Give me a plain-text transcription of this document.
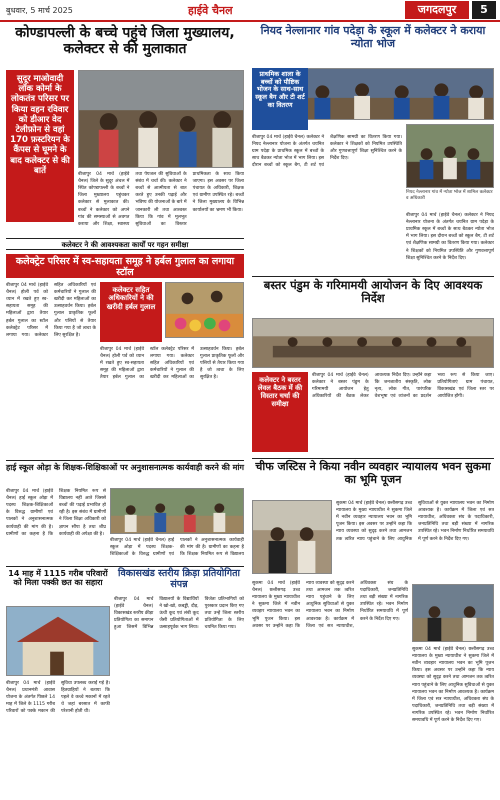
बुधवार, 5 मार्च 2025	हाईवे चैनल	जगदलपुर	5
कोण्डापल्ली के बच्चे पहुंचे जिला मुख्यालय, कलेक्टर से की मुलाकात
सुदूर माओवादी लॉक कोर्मा के लोकतंत्र परिसर पर किया वहन रविवार को डीआर वेद टेलीफ़ोन से वहां 170 फ़स्टरियन के कैंपस से घूमने के बाद कलेक्टर से की बातें	बीजापुर 04 मार्च (हाईवे चैनल) जिले के सुदूर अंचल में स्थित कोण्डापल्ली के बच्चों ने जिला मुख्यालय पहुंचकर कलेक्टर से मुलाकात की। बच्चों ने कलेक्टर को अपने गांव की समस्याओं से अवगत कराया और शिक्षा, स्वास्थ्य तथा पेयजल की सुविधाओं के संबंध में चर्चा की। कलेक्टर ने बच्चों से आत्मीयता से बात करते हुए उनकी पढ़ाई और भविष्य की योजनाओं के बारे में जानकारी ली तथा आश्वस्त किया कि गांव में मूलभूत सुविधाओं का विस्तार प्राथमिकता के साथ किया जाएगा। इस अवसर पर जिला पंचायत के अधिकारी, शिक्षक एवं ग्रामीण उपस्थित रहे। बच्चों ने जिला मुख्यालय के विभिन्न कार्यालयों का भ्रमण भी किया।
कलेक्टर ने की आवश्यकता कार्यों पर गहन समीक्षा
कलेक्ट्रेट परिसर में स्व-सहायता समूह ने हर्बल गुलाल का लगाया स्टॉल
कलेक्टर सहित अधिकारियों ने की खरीदी हर्बल गुलाल
बीजापुर 04 मार्च (हाईवे चैनल) होली पर्व को ध्यान में रखते हुए स्व-सहायता समूह की महिलाओं द्वारा तैयार हर्बल गुलाल का स्टॉल कलेक्ट्रेट परिसर में लगाया गया। कलेक्टर सहित अधिकारियों एवं कर्मचारियों ने गुलाल की खरीदी कर महिलाओं का उत्साहवर्धन किया। हर्बल गुलाल प्राकृतिक फूलों और पत्तियों से तैयार किया गया है जो त्वचा के लिए सुरक्षित है।
बीजापुर 04 मार्च (हाईवे चैनल) होली पर्व को ध्यान में रखते हुए स्व-सहायता समूह की महिलाओं द्वारा तैयार हर्बल गुलाल का स्टॉल कलेक्ट्रेट परिसर में लगाया गया। कलेक्टर सहित अधिकारियों एवं कर्मचारियों ने गुलाल की खरीदी कर महिलाओं का उत्साहवर्धन किया। हर्बल गुलाल प्राकृतिक फूलों और पत्तियों से तैयार किया गया है जो त्वचा के लिए सुरक्षित है।
नियद नेल्लानार गांव पदेड़ा के स्कूल में कलेक्टर ने कराया न्योता भोज
प्राथमिक शाला के बच्चों को पौष्टिक भोजन के साथ-साथ स्कूल बैग और टी शर्ट का वितरण
बीजापुर 04 मार्च (हाईवे चैनल) कलेक्टर ने नियद नेल्लानार योजना के अंतर्गत चयनित ग्राम पदेड़ा के प्राथमिक स्कूल में बच्चों के साथ बैठकर न्योता भोज में भाग लिया। इस दौरान बच्चों को स्कूल बैग, टी शर्ट एवं शैक्षणिक सामग्री का वितरण किया गया। कलेक्टर ने शिक्षकों को नियमित उपस्थिति और गुणवत्तापूर्ण शिक्षा सुनिश्चित करने के निर्देश दिए।
नियद नेल्लानार गांव में न्योता भोज में शामिल कलेक्टर व अधिकारी
बीजापुर 04 मार्च (हाईवे चैनल) कलेक्टर ने नियद नेल्लानार योजना के अंतर्गत चयनित ग्राम पदेड़ा के प्राथमिक स्कूल में बच्चों के साथ बैठकर न्योता भोज में भाग लिया। इस दौरान बच्चों को स्कूल बैग, टी शर्ट एवं शैक्षणिक सामग्री का वितरण किया गया। कलेक्टर ने शिक्षकों को नियमित उपस्थिति और गुणवत्तापूर्ण शिक्षा सुनिश्चित करने के निर्देश दिए।
बस्तर पंडुम के गरिमामयी आयोजन के दिए आवश्यक निर्देश
कलेक्टर ने बस्तर लेवल बैठक में की विस्तार चर्चा की समीक्षा
बीजापुर 04 मार्च (हाईवे चैनल) कलेक्टर ने बस्तर पंडुम के गरिमामयी आयोजन हेतु अधिकारियों की बैठक लेकर आवश्यक निर्देश दिए। उन्होंने कहा कि जनजातीय संस्कृति, लोक नृत्य, लोक गीत, पारंपरिक वेशभूषा एवं व्यंजनों का प्रदर्शन भव्य रूप से किया जाए। प्रतियोगिताएं ग्राम पंचायत, विकासखंड एवं जिला स्तर पर आयोजित होंगी।
हाई स्कूल ओड़ा के शिक्षक-शिक्षिकाओं पर अनुशासनात्मक कार्यवाही करने की मांग
बीजापुर 04 मार्च (हाईवे चैनल) हाई स्कूल ओड़ा में पदस्थ शिक्षक-शिक्षिकाओं के विरुद्ध ग्रामीणों एवं पालकों ने अनुशासनात्मक कार्यवाही की मांग की है। ग्रामीणों का कहना है कि शिक्षक नियमित रूप से विद्यालय नहीं आते जिससे बच्चों की पढ़ाई प्रभावित हो रही है। इस संबंध में ग्रामीणों ने जिला शिक्षा अधिकारी को ज्ञापन सौंपा है तथा शीघ्र कार्यवाही की अपेक्षा की है।
बीजापुर 04 मार्च (हाईवे चैनल) हाई स्कूल ओड़ा में पदस्थ शिक्षक-शिक्षिकाओं के विरुद्ध ग्रामीणों एवं पालकों ने अनुशासनात्मक कार्यवाही की मांग की है। ग्रामीणों का कहना है कि शिक्षक नियमित रूप से विद्यालय
चीफ जस्टिस ने किया नवीन व्यवहार न्यायालय भवन सुकमा का भूमि पूजन
सुकमा 04 मार्च (हाईवे चैनल) छत्तीसगढ़ उच्च न्यायालय के मुख्य न्यायाधीश ने सुकमा जिले में नवीन व्यवहार न्यायालय भवन का भूमि पूजन किया। इस अवसर पर उन्होंने कहा कि न्याय व्यवस्था को सुदृढ़ करने तथा आमजन तक त्वरित न्याय पहुंचाने के लिए आधुनिक सुविधाओं से युक्त न्यायालय भवन का निर्माण आवश्यक है। कार्यक्रम में जिला एवं सत्र न्यायाधीश, अधिवक्ता संघ के पदाधिकारी, जनप्रतिनिधि तथा बड़ी संख्या में नागरिक उपस्थित रहे। भवन निर्माण निर्धारित समयावधि में पूर्ण करने के निर्देश दिए गए।
सुकमा 04 मार्च (हाईवे चैनल) छत्तीसगढ़ उच्च न्यायालय के मुख्य न्यायाधीश ने सुकमा जिले में नवीन व्यवहार न्यायालय भवन का भूमि पूजन किया। इस अवसर पर उन्होंने कहा कि न्याय व्यवस्था को सुदृढ़ करने तथा आमजन तक त्वरित न्याय पहुंचाने के लिए आधुनिक सुविधाओं से युक्त न्यायालय भवन का निर्माण आवश्यक है। कार्यक्रम में जिला एवं सत्र न्यायाधीश, अधिवक्ता संघ के पदाधिकारी, जनप्रतिनिधि तथा बड़ी संख्या में नागरिक उपस्थित रहे। भवन निर्माण निर्धारित समयावधि में पूर्ण करने के निर्देश दिए गए।
सुकमा 04 मार्च (हाईवे चैनल) छत्तीसगढ़ उच्च न्यायालय के मुख्य न्यायाधीश ने सुकमा जिले में नवीन व्यवहार न्यायालय भवन का भूमि पूजन किया। इस अवसर पर उन्होंने कहा कि न्याय व्यवस्था को सुदृढ़ करने तथा आमजन तक त्वरित न्याय पहुंचाने के लिए आधुनिक सुविधाओं से युक्त न्यायालय भवन का निर्माण आवश्यक है। कार्यक्रम में जिला एवं सत्र न्यायाधीश, अधिवक्ता संघ के पदाधिकारी, जनप्रतिनिधि तथा बड़ी संख्या में नागरिक उपस्थित रहे। भवन निर्माण निर्धारित समयावधि में पूर्ण करने के निर्देश दिए गए।
14 माह में 1115 गरीब परिवारों को मिला पक्की छत का सहारा
बीजापुर 04 मार्च (हाईवे चैनल) प्रधानमंत्री आवास योजना के अंतर्गत पिछले 14 माह में जिले के 1115 गरीब परिवारों को पक्के मकान की सुविधा उपलब्ध कराई गई है। हितग्राहियों ने बताया कि पहले वे कच्चे मकानों में रहते थे जहां बरसात में काफी परेशानी होती थी।
विकासखंड स्तरीय क्रिड़ा प्रतियोगिता संपन्न
बीजापुर 04 मार्च (हाईवे चैनल) विकासखंड स्तरीय क्रीड़ा प्रतियोगिता का समापन हुआ जिसमें विभिन्न विद्यालयों के विद्यार्थियों ने खो-खो, कबड्डी, दौड़, ऊंची कूद एवं लंबी कूद जैसी प्रतियोगिताओं में उत्साहपूर्वक भाग लिया। विजेता प्रतिभागियों को पुरस्कार प्रदान किए गए तथा उन्हें जिला स्तरीय प्रतियोगिता के लिए चयनित किया गया।
